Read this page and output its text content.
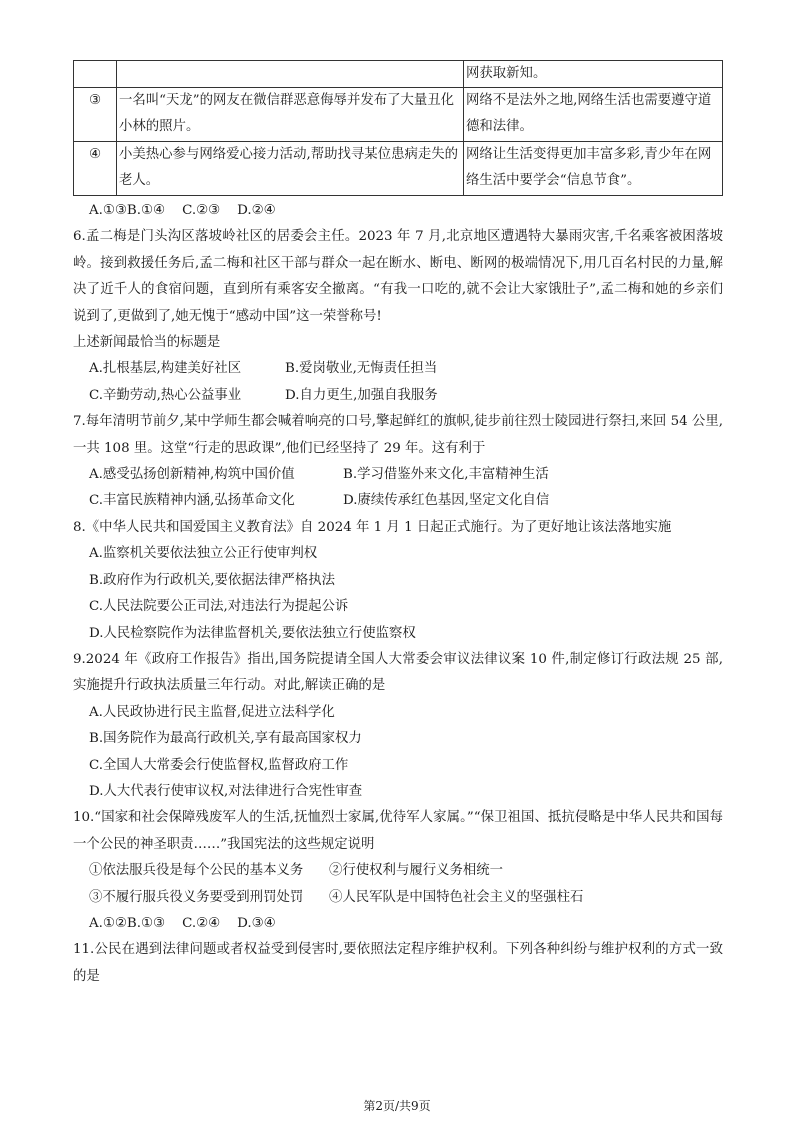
		网获取新知。
③	一名叫“天龙”的网友在微信群恶意侮辱并发布了大量丑化小林的照片。	网络不是法外之地,网络生活也需要遵守道德和法律。
④	小美热心参与网络爱心接力活动,帮助找寻某位患病走失的老人。	网络让生活变得更加丰富多彩,青少年在网络生活中要学会“信息节食”。

A.①③B.①④    C.②③    D.②④

6.孟二梅是门头沟区落坡岭社区的居委会主任。2023 年 7 月,北京地区遭遇特大暴雨灾害,千名乘客被困落坡岭。接到救援任务后,孟二梅和社区干部与群众一起在断水、断电、断网的极端情况下,用几百名村民的力量,解决了近千人的食宿问题，直到所有乘客安全撤离。“有我一口吃的,就不会让大家饿肚子”,孟二梅和她的乡亲们说到了,更做到了,她无愧于“感动中国”这一荣誉称号!

上述新闻最恰当的标题是

A.扎根基层,构建美好社区	B.爱岗敬业,无悔责任担当
C.辛勤劳动,热心公益事业	D.自力更生,加强自我服务

7.每年清明节前夕,某中学师生都会喊着响亮的口号,擎起鲜红的旗帜,徒步前往烈士陵园进行祭扫,来回 54 公里,一共 108 里。这堂“行走的思政课”,他们已经坚持了 29 年。这有利于

A.感受弘扬创新精神,构筑中国价值	B.学习借鉴外来文化,丰富精神生活
C.丰富民族精神内涵,弘扬革命文化	D.赓续传承红色基因,坚定文化自信

8.《中华人民共和国爱国主义教育法》自 2024 年 1 月 1 日起正式施行。为了更好地让该法落地实施

A.监察机关要依法独立公正行使审判权

B.政府作为行政机关,要依据法律严格执法

C.人民法院要公正司法,对违法行为提起公诉

D.人民检察院作为法律监督机关,要依法独立行使监察权

9.2024 年《政府工作报告》指出,国务院提请全国人大常委会审议法律议案 10 件,制定修订行政法规 25 部,实施提升行政执法质量三年行动。对此,解读正确的是

A.人民政协进行民主监督,促进立法科学化

B.国务院作为最高行政机关,享有最高国家权力

C.全国人大常委会行使监督权,监督政府工作

D.人大代表行使审议权,对法律进行合宪性审查

10.“国家和社会保障残废军人的生活,抚恤烈士家属,优待军人家属。”“保卫祖国、抵抗侵略是中华人民共和国每一个公民的神圣职责……”我国宪法的这些规定说明

①依法服兵役是每个公民的基本义务	②行使权利与履行义务相统一
③不履行服兵役义务要受到刑罚处罚	④人民军队是中国特色社会主义的坚强柱石

A.①②B.①③    C.②④    D.③④

11.公民在遇到法律问题或者权益受到侵害时,要依照法定程序维护权利。下列各种纠纷与维护权利的方式一致的是

第2页/共9页
